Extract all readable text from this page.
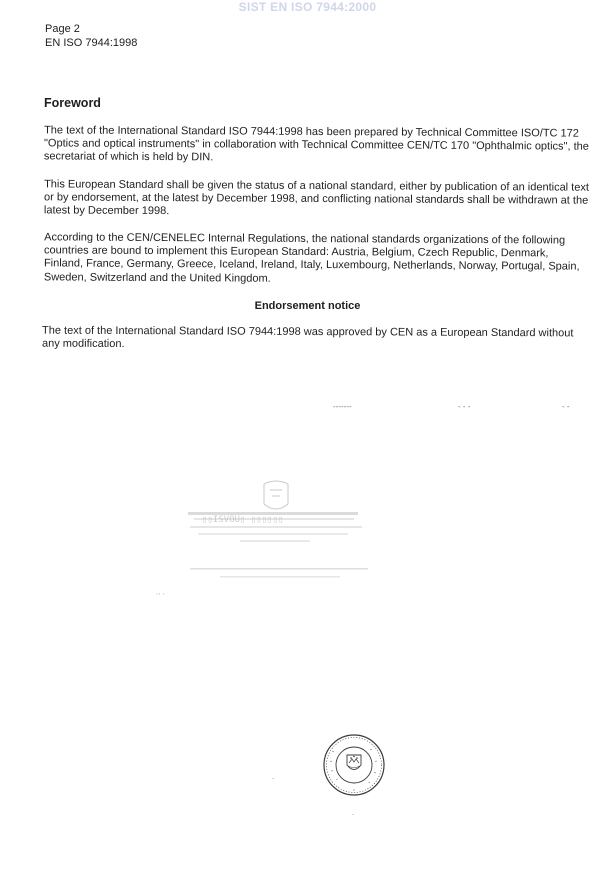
SIST EN ISO 7944:2000
Page 2
EN ISO 7944:1998
Foreword
The text of the International Standard ISO 7944:1998 has been prepared by Technical Committee ISO/TC 172 "Optics and optical instruments" in collaboration with Technical Committee CEN/TC 170 "Ophthalmic optics", the secretariat of which is held by DIN.
This European Standard shall be given the status of a national standard, either by publication of an identical text or by endorsement, at the latest by December 1998, and conflicting national standards shall be withdrawn at the latest by December 1998.
According to the CEN/CENELEC Internal Regulations, the national standards organizations of the following countries are bound to implement this European Standard: Austria, Belgium, Czech Republic, Denmark, Finland, France, Germany, Greece, Iceland, Ireland, Italy, Luxembourg, Netherlands, Norway, Portugal, Spain, Sweden, Switzerland and the United Kingdom.
Endorsement notice
The text of the International Standard ISO 7944:1998 was approved by CEN as a European Standard without any modification.
‐‐‐‐‐‐‐	‐ ‐ ‐	‐ ‐
∙∙ ∙
.
.
▯▯ISVOU▯ ▯▯▯▯▯▯
